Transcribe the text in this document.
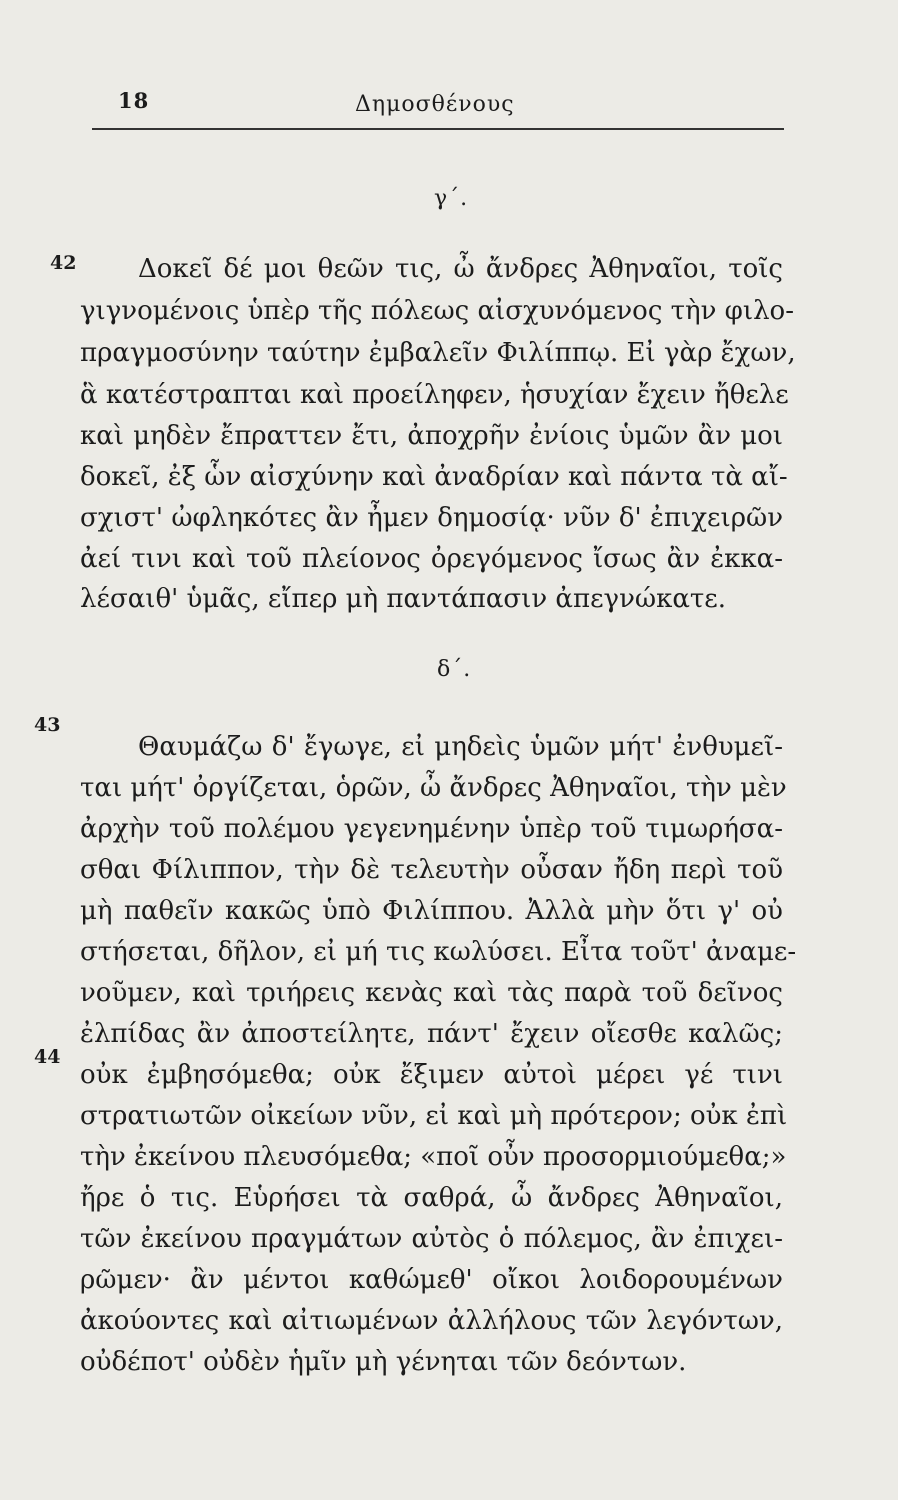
18	Δημοσθένους
γ΄.
42 Δοκεῖ δέ μοι θεῶν τις, ὦ ἄνδρες Ἀθηναῖοι, τοῖς
γιγνομένοις ὑπὲρ τῆς πόλεως αἰσχυνόμενος τὴν φιλο-
πραγμοσύνην ταύτην ἐμβαλεῖν Φιλίππῳ. Εἰ γὰρ ἔχων,
ἃ κατέστραπται καὶ προείληφεν, ἡσυχίαν ἔχειν ἤθελε
καὶ μηδὲν ἔπραττεν ἔτι, ἀποχρῆν ἐνίοις ὑμῶν ἂν μοι
δοκεῖ, ἐξ ὧν αἰσχύνην καὶ ἀναδρίαν καὶ πάντα τὰ αἴ-
σχιστ' ὠφληκότες ἂν ἦμεν δημοσίᾳ· νῦν δ' ἐπιχειρῶν
ἀεί τινι καὶ τοῦ πλείονος ὀρεγόμενος ἴσως ἂν ἐκκα-
λέσαιθ' ὑμᾶς, εἴπερ μὴ παντάπασιν ἀπεγνώκατε.
δ΄.
43
44
Θαυμάζω δ' ἔγωγε, εἰ μηδεὶς ὑμῶν μήτ' ἐνθυμεῖ-
ται μήτ' ὀργίζεται, ὁρῶν, ὦ ἄνδρες Ἀθηναῖοι, τὴν μὲν
ἀρχὴν τοῦ πολέμου γεγενημένην ὑπὲρ τοῦ τιμωρήσα-
σθαι Φίλιππον, τὴν δὲ τελευτὴν οὖσαν ἤδη περὶ τοῦ
μὴ παθεῖν κακῶς ὑπὸ Φιλίππου. Ἀλλὰ μὴν ὅτι γ' οὐ
στήσεται, δῆλον, εἰ μή τις κωλύσει. Εἶτα τοῦτ' ἀναμε-
νοῦμεν, καὶ τριήρεις κενὰς καὶ τὰς παρὰ τοῦ δεῖνος
ἐλπίδας ἂν ἀποστείλητε, πάντ' ἔχειν οἴεσθε καλῶς;
οὐκ ἐμβησόμεθα; οὐκ ἔξιμεν αὐτοὶ μέρει γέ τινι
στρατιωτῶν οἰκείων νῦν, εἰ καὶ μὴ πρότερον; οὐκ ἐπὶ
τὴν ἐκείνου πλευσόμεθα; «ποῖ οὖν προσορμιούμεθα;»
ἤρε ὁ τις. Εὑρήσει τὰ σαθρά, ὦ ἄνδρες Ἀθηναῖοι,
τῶν ἐκείνου πραγμάτων αὐτὸς ὁ πόλεμος, ἂν ἐπιχει-
ρῶμεν· ἂν μέντοι καθώμεθ' οἴκοι λοιδορουμένων
ἀκούοντες καὶ αἰτιωμένων ἀλλήλους τῶν λεγόντων,
οὐδέποτ' οὐδὲν ἡμῖν μὴ γένηται τῶν δεόντων.
